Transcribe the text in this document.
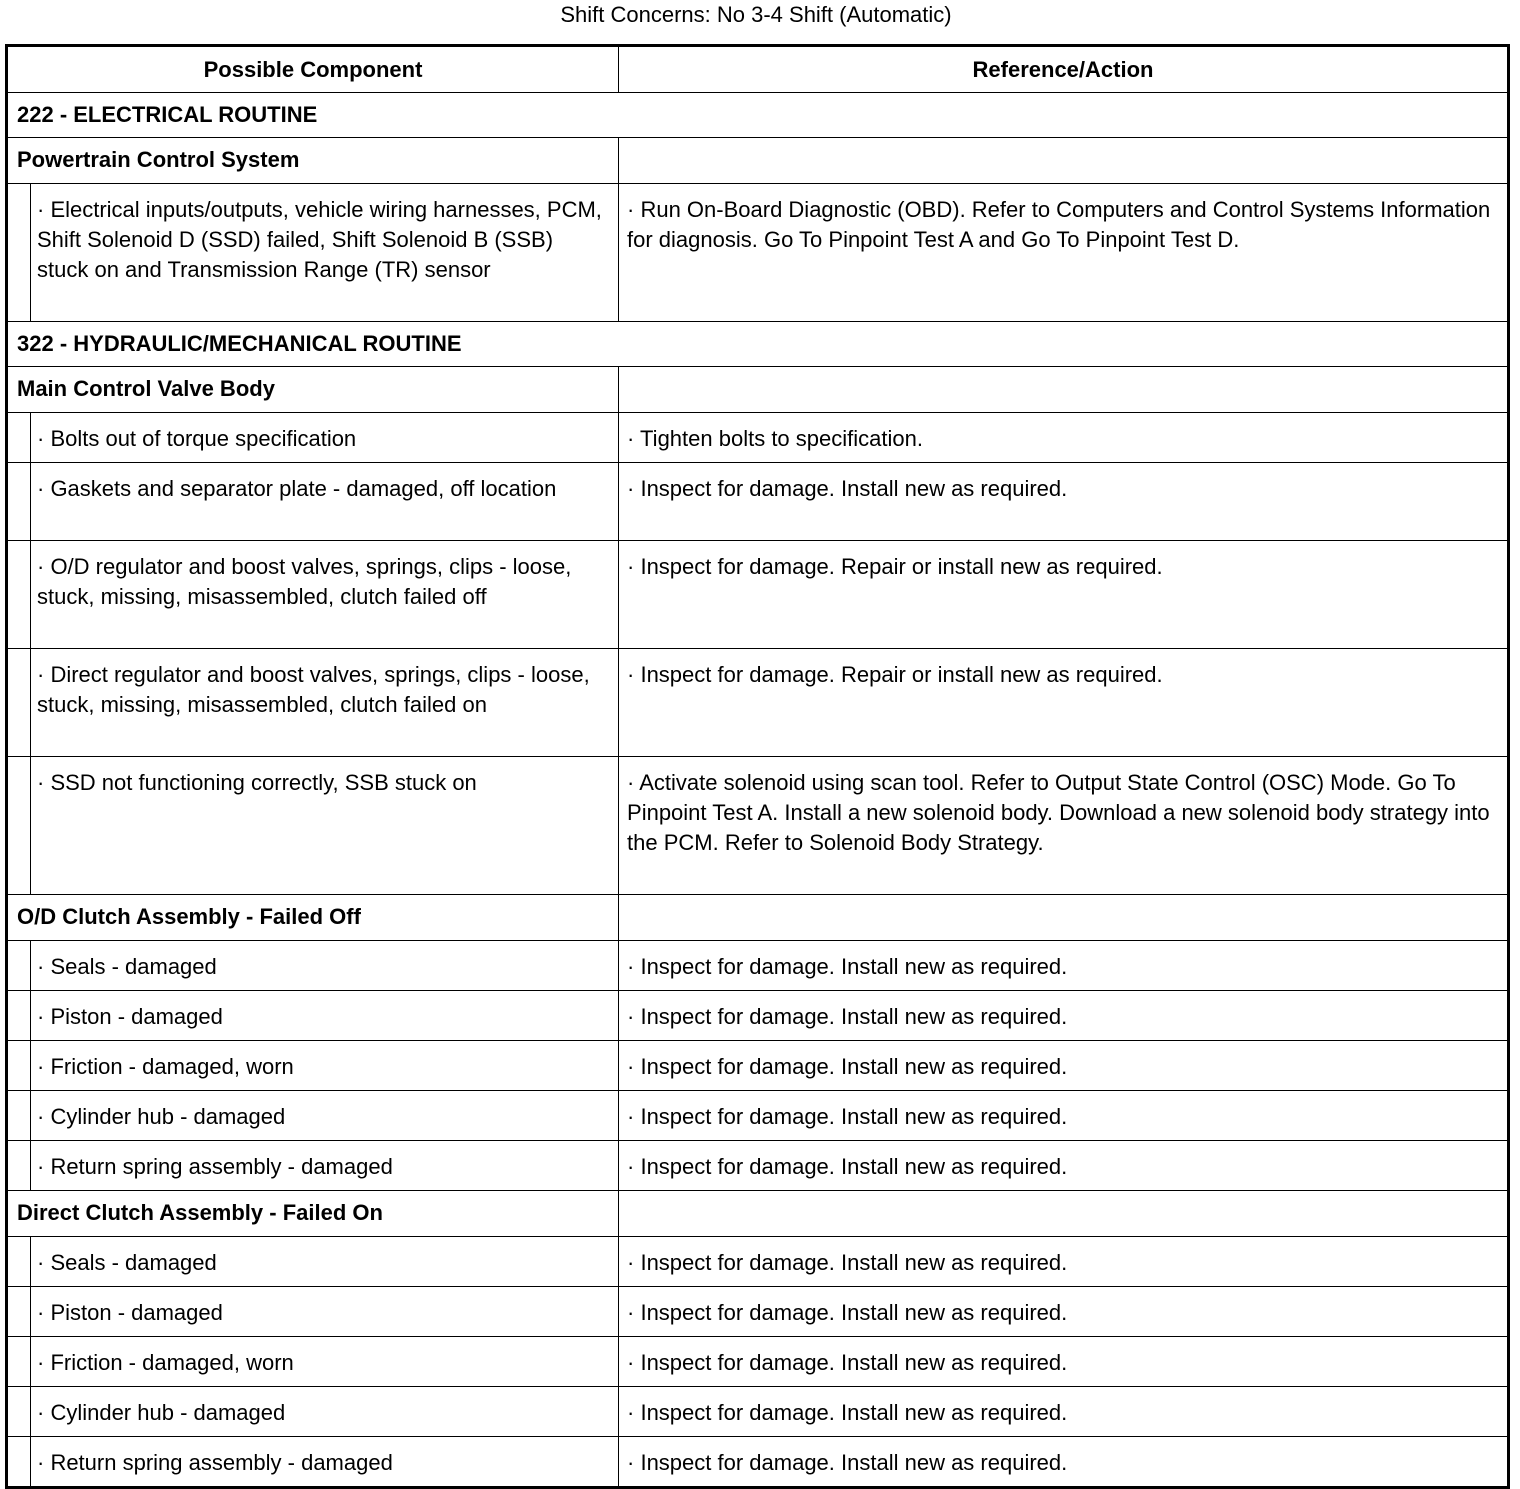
Shift Concerns: No 3-4 Shift (Automatic)
Possible Component		Reference/Action
222 - ELECTRICAL ROUTINE		
Powertrain Control System		
	· Electrical inputs/outputs, vehicle wiring harnesses, PCM, Shift Solenoid D (SSD) failed, Shift Solenoid B (SSB) stuck on and Transmission Range (TR) sensor	· Run On-Board Diagnostic (OBD). Refer to Computers and Control Systems Information for diagnosis. Go To Pinpoint Test A and Go To Pinpoint Test D.
322 - HYDRAULIC/MECHANICAL ROUTINE		
Main Control Valve Body		
	· Bolts out of torque specification	· Tighten bolts to specification.
	· Gaskets and separator plate - damaged, off location	· Inspect for damage. Install new as required.
	· O/D regulator and boost valves, springs, clips - loose, stuck, missing, misassembled, clutch failed off	· Inspect for damage. Repair or install new as required.
	· Direct regulator and boost valves, springs, clips - loose, stuck, missing, misassembled, clutch failed on	· Inspect for damage. Repair or install new as required.
	· SSD not functioning correctly, SSB stuck on	· Activate solenoid using scan tool. Refer to Output State Control (OSC) Mode. Go To Pinpoint Test A. Install a new solenoid body. Download a new solenoid body strategy into the PCM. Refer to Solenoid Body Strategy.
O/D Clutch Assembly - Failed Off		
	· Seals - damaged	· Inspect for damage. Install new as required.
	· Piston - damaged	· Inspect for damage. Install new as required.
	· Friction - damaged, worn	· Inspect for damage. Install new as required.
	· Cylinder hub - damaged	· Inspect for damage. Install new as required.
	· Return spring assembly - damaged	· Inspect for damage. Install new as required.
Direct Clutch Assembly - Failed On		
	· Seals - damaged	· Inspect for damage. Install new as required.
	· Piston - damaged	· Inspect for damage. Install new as required.
	· Friction - damaged, worn	· Inspect for damage. Install new as required.
	· Cylinder hub - damaged	· Inspect for damage. Install new as required.
	· Return spring assembly - damaged	· Inspect for damage. Install new as required.
